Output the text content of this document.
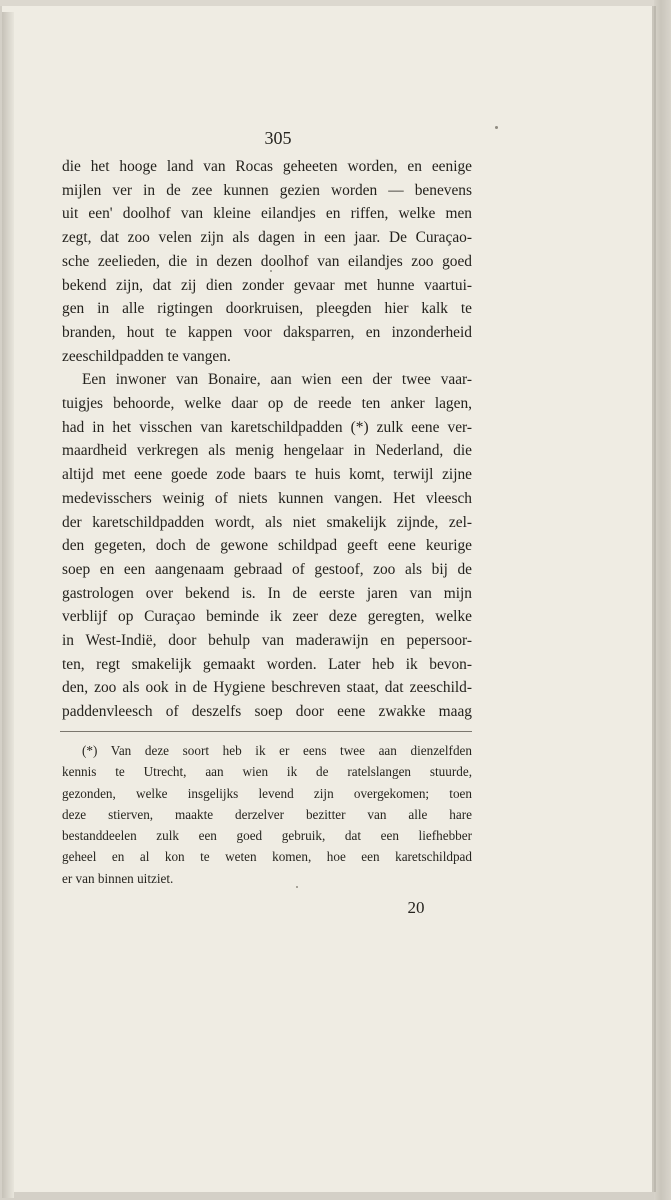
305
die het hooge land van Rocas geheeten worden, en eenige
mijlen ver in de zee kunnen gezien worden — benevens
uit een' doolhof van kleine eilandjes en riffen, welke men
zegt, dat zoo velen zijn als dagen in een jaar. De Curaçao-
sche zeelieden, die in dezen doolhof van eilandjes zoo goed
bekend zijn, dat zij dien zonder gevaar met hunne vaartui-
gen in alle rigtingen doorkruisen, pleegden hier kalk te
branden, hout te kappen voor daksparren, en inzonderheid
zeeschildpadden te vangen.
Een inwoner van Bonaire, aan wien een der twee vaar-
tuigjes behoorde, welke daar op de reede ten anker lagen,
had in het visschen van karetschildpadden (*) zulk eene ver-
maardheid verkregen als menig hengelaar in Nederland, die
altijd met eene goede zode baars te huis komt, terwijl zijne
medevisschers weinig of niets kunnen vangen. Het vleesch
der karetschildpadden wordt, als niet smakelijk zijnde, zel-
den gegeten, doch de gewone schildpad geeft eene keurige
soep en een aangenaam gebraad of gestoof, zoo als bij de
gastrologen over bekend is. In de eerste jaren van mijn
verblijf op Curaçao beminde ik zeer deze geregten, welke
in West-Indië, door behulp van maderawijn en pepersoor-
ten, regt smakelijk gemaakt worden. Later heb ik bevon-
den, zoo als ook in de Hygiene beschreven staat, dat zeeschild-
paddenvleesch of deszelfs soep door eene zwakke maag
(*) Van deze soort heb ik er eens twee aan dienzelfden
kennis te Utrecht, aan wien ik de ratelslangen stuurde,
gezonden, welke insgelijks levend zijn overgekomen; toen
deze stierven, maakte derzelver bezitter van alle hare
bestanddeelen zulk een goed gebruik, dat een liefhebber
geheel en al kon te weten komen, hoe een karetschildpad
er van binnen uitziet.
20
